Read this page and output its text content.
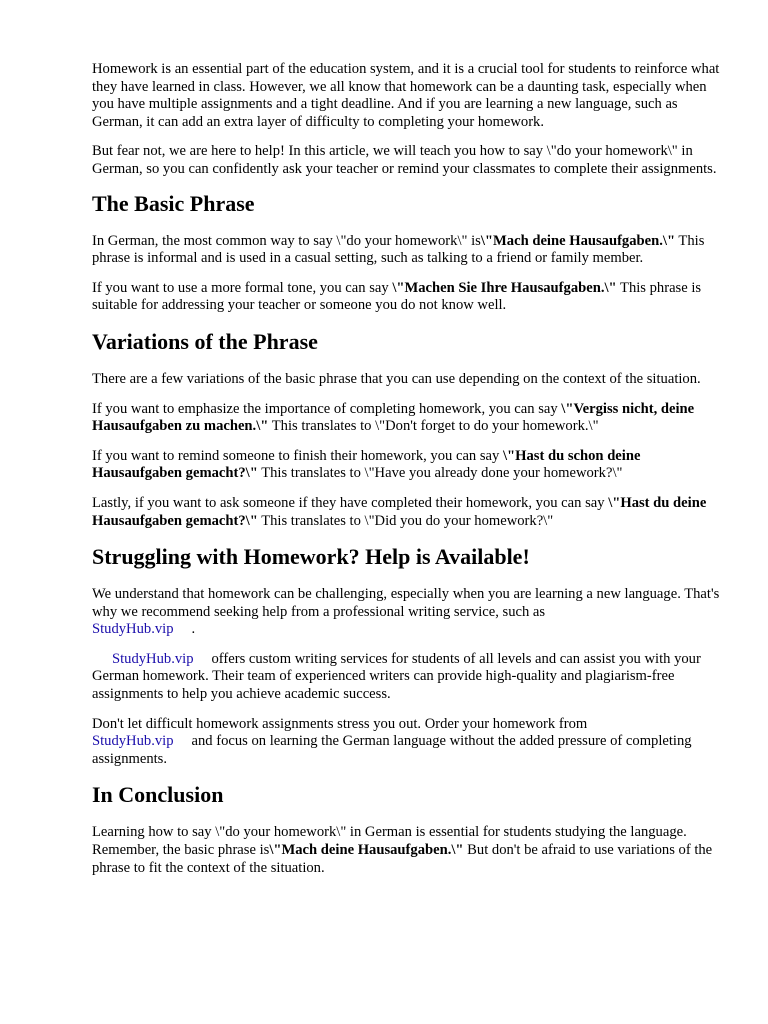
Homework is an essential part of the education system, and it is a crucial tool for students to reinforce what they have learned in class. However, we all know that homework can be a daunting task, especially when you have multiple assignments and a tight deadline. And if you are learning a new language, such as German, it can add an extra layer of difficulty to completing your homework.

But fear not, we are here to help! In this article, we will teach you how to say \"do your homework\" in German, so you can confidently ask your teacher or remind your classmates to complete their assignments.

The Basic Phrase

In German, the most common way to say \"do your homework\" is\"Mach deine Hausaufgaben.\" This phrase is informal and is used in a casual setting, such as talking to a friend or family member.

If you want to use a more formal tone, you can say \"Machen Sie Ihre Hausaufgaben.\" This phrase is suitable for addressing your teacher or someone you do not know well.

Variations of the Phrase

There are a few variations of the basic phrase that you can use depending on the context of the situation.

If you want to emphasize the importance of completing homework, you can say \"Vergiss nicht, deine Hausaufgaben zu machen.\" This translates to \"Don't forget to do your homework.\"

If you want to remind someone to finish their homework, you can say \"Hast du schon deine Hausaufgaben gemacht?\" This translates to \"Have you already done your homework?\"

Lastly, if you want to ask someone if they have completed their homework, you can say \"Hast du deine Hausaufgaben gemacht?\" This translates to \"Did you do your homework?\"

Struggling with Homework? Help is Available!

We understand that homework can be challenging, especially when you are learning a new language. That's why we recommend seeking help from a professional writing service, such as
StudyHub.vip .

StudyHub.vip offers custom writing services for students of all levels and can assist you with your German homework. Their team of experienced writers can provide high-quality and plagiarism-free assignments to help you achieve academic success.

Don't let difficult homework assignments stress you out. Order your homework from
StudyHub.vip and focus on learning the German language without the added pressure of completing assignments.

In Conclusion

Learning how to say \"do your homework\" in German is essential for students studying the language. Remember, the basic phrase is\"Mach deine Hausaufgaben.\" But don't be afraid to use variations of the phrase to fit the context of the situation.
